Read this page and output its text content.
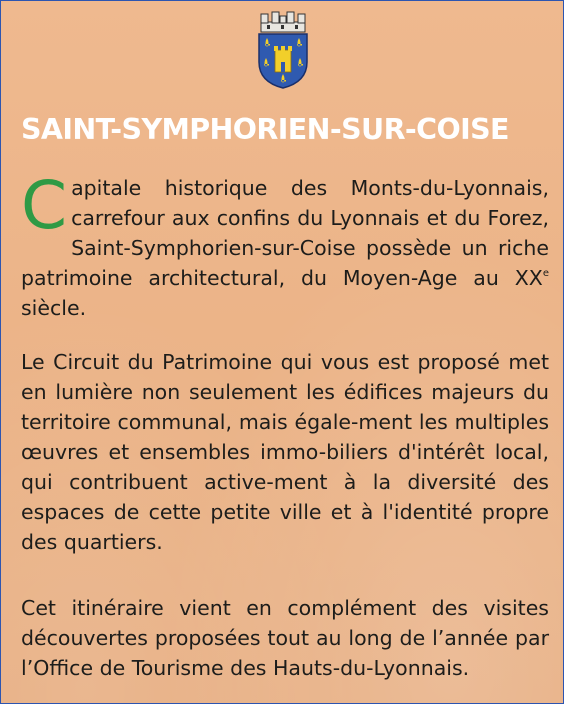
SAINT-SYMPHORIEN-SUR-COISE
Capitale historique des Monts-du-Lyonnais, carrefour aux confins du Lyonnais et du Forez, Saint-Symphorien-sur-Coise possède un riche patrimoine architectural, du Moyen-Age au XXe siècle.
Le Circuit du Patrimoine qui vous est proposé met en lumière non seulement les édifices majeurs du territoire communal, mais égale-ment les multiples œuvres et ensembles immo-biliers d'intérêt local, qui contribuent active-ment à la diversité des espaces de cette petite ville et à l'identité propre des quartiers.
Cet itinéraire vient en complément des visites découvertes proposées tout au long de l’année par l’Office de Tourisme des Hauts-du-Lyonnais.
